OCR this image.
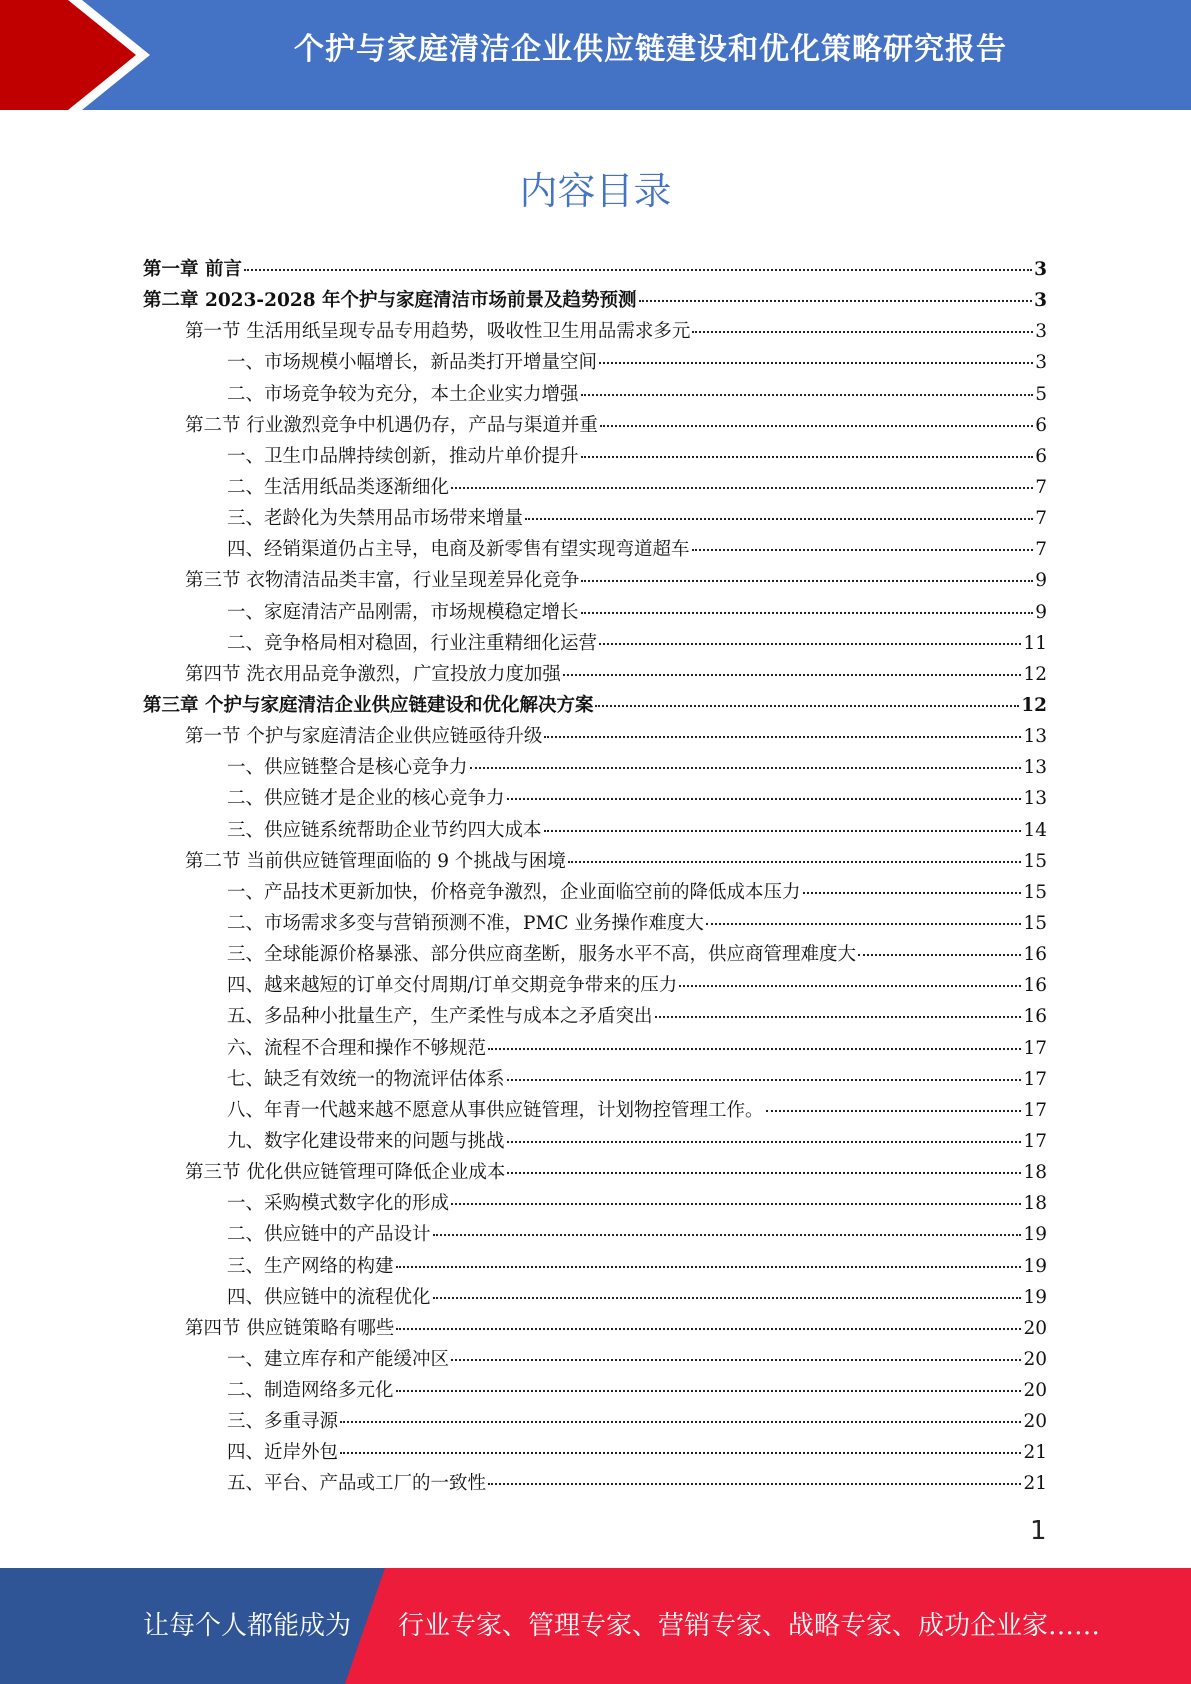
个护与家庭清洁企业供应链建设和优化策略研究报告
内容目录
第一章 前言	3
第二章 2023-2028 年个护与家庭清洁市场前景及趋势预测	3
第一节 生活用纸呈现专品专用趋势，吸收性卫生用品需求多元	3
一、市场规模小幅增长，新品类打开增量空间	3
二、市场竞争较为充分，本土企业实力增强	5
第二节 行业激烈竞争中机遇仍存，产品与渠道并重	6
一、卫生巾品牌持续创新，推动片单价提升	6
二、生活用纸品类逐渐细化	7
三、老龄化为失禁用品市场带来增量	7
四、经销渠道仍占主导，电商及新零售有望实现弯道超车	7
第三节 衣物清洁品类丰富，行业呈现差异化竞争	9
一、家庭清洁产品刚需，市场规模稳定增长	9
二、竞争格局相对稳固，行业注重精细化运营	11
第四节 洗衣用品竞争激烈，广宣投放力度加强	12
第三章 个护与家庭清洁企业供应链建设和优化解决方案	12
第一节 个护与家庭清洁企业供应链亟待升级	13
一、供应链整合是核心竞争力	13
二、供应链才是企业的核心竞争力	13
三、供应链系统帮助企业节约四大成本	14
第二节 当前供应链管理面临的 9 个挑战与困境	15
一、产品技术更新加快，价格竞争激烈，企业面临空前的降低成本压力	15
二、市场需求多变与营销预测不准，PMC 业务操作难度大	15
三、全球能源价格暴涨、部分供应商垄断，服务水平不高，供应商管理难度大	16
四、越来越短的订单交付周期/订单交期竞争带来的压力	16
五、多品种小批量生产，生产柔性与成本之矛盾突出	16
六、流程不合理和操作不够规范	17
七、缺乏有效统一的物流评估体系	17
八、年青一代越来越不愿意从事供应链管理，计划物控管理工作。	17
九、数字化建设带来的问题与挑战	17
第三节 优化供应链管理可降低企业成本	18
一、采购模式数字化的形成	18
二、供应链中的产品设计	19
三、生产网络的构建	19
四、供应链中的流程优化	19
第四节 供应链策略有哪些	20
一、建立库存和产能缓冲区	20
二、制造网络多元化	20
三、多重寻源	20
四、近岸外包	21
五、平台、产品或工厂的一致性	21
1
让每个人都能成为 行业专家、管理专家、营销专家、战略专家、成功企业家……
